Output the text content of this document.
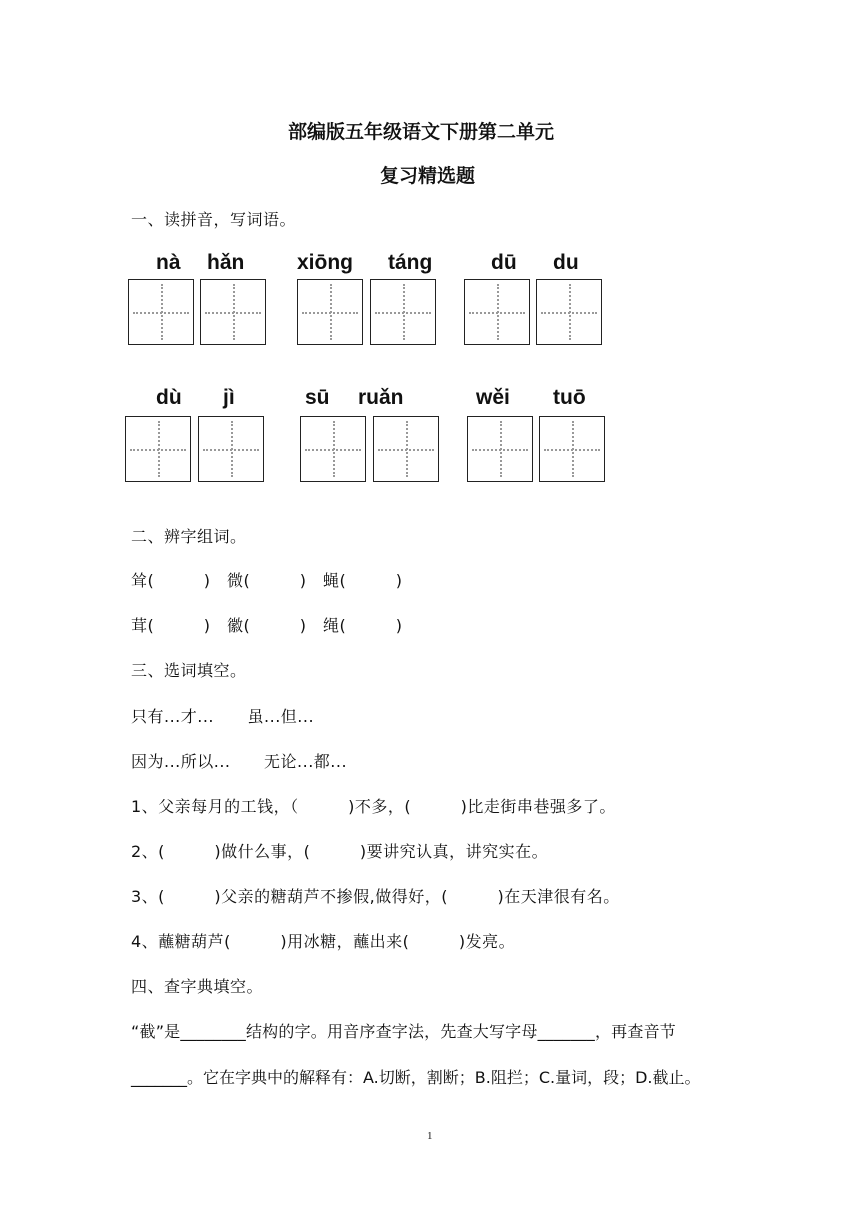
部编版五年级语文下册第二单元
复习精选题
一、读拼音，写词语。
nà hǎn	xiōng táng	dū du
dù jì	sū ruǎn	wěi tuō
二、辨字组词。
耸(　　　)　微(　　　)　蝇(　　　)
茸(　　　)　徽(　　　)　绳(　　　)
三、选词填空。
只有...才...      虽...但...
因为...所以...      无论...都...
1、父亲每月的工钱，（　　　)不多，(　　　)比走街串巷强多了。
2、(　　　)做什么事，(　　　)要讲究认真，讲究实在。
3、(　　　)父亲的糖葫芦不掺假,做得好，(　　　)在天津很有名。
4、蘸糖葫芦(　　　)用冰糖，蘸出来(　　　)发亮。
四、查字典填空。
“截”是________结构的字。用音序查字法，先查大写字母_______，再查音节
_______。它在字典中的解释有：A.切断，割断；B.阻拦；C.量词，段；D.截止。
1
